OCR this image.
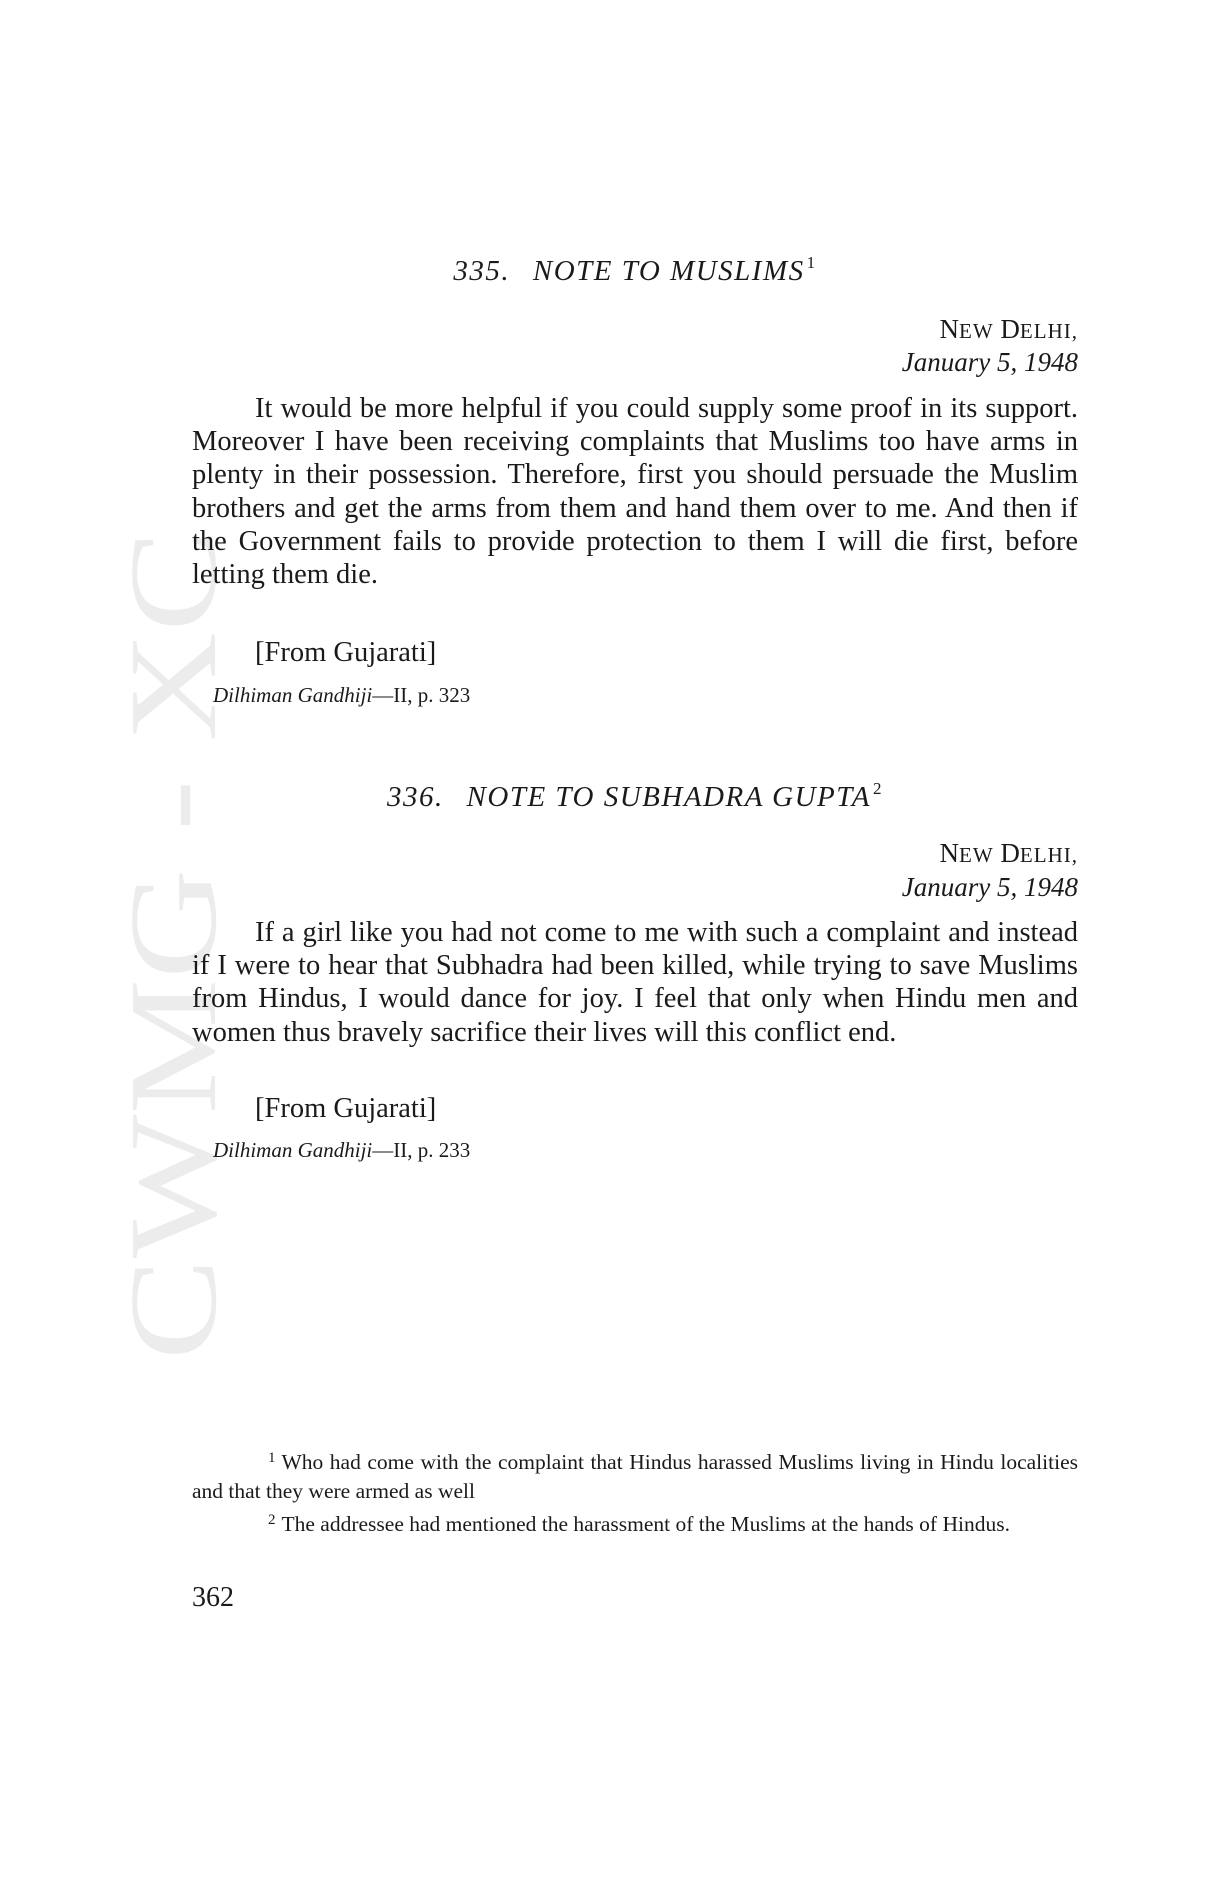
CWMG - XC
335. NOTE TO MUSLIMS $^1$
NEW DELHI,
January 5, 1948

It would be more helpful if you could supply some proof in its support. Moreover I have been receiving complaints that Muslims too have arms in plenty in their possession. Therefore, first you should persuade the Muslim brothers and get the arms from them and hand them over to me. And then if the Government fails to provide protection to them I will die first, before letting them die.

[From Gujarati]
Dilhiman Gandhiji—II, p. 323
336. NOTE TO SUBHADRA GUPTA $^2$
NEW DELHI,
January 5, 1948

If a girl like you had not come to me with such a complaint and instead if I were to hear that Subhadra had been killed, while trying to save Muslims from Hindus, I would dance for joy. I feel that only when Hindu men and women thus bravely sacrifice their lives will this conflict end.

[From Gujarati]
Dilhiman Gandhiji—II, p. 233

$^1$ Who had come with the complaint that Hindus harassed Muslims living in Hindu localities and that they were armed as well

$^2$ The addressee had mentioned the harassment of the Muslims at the hands of Hindus.

362
